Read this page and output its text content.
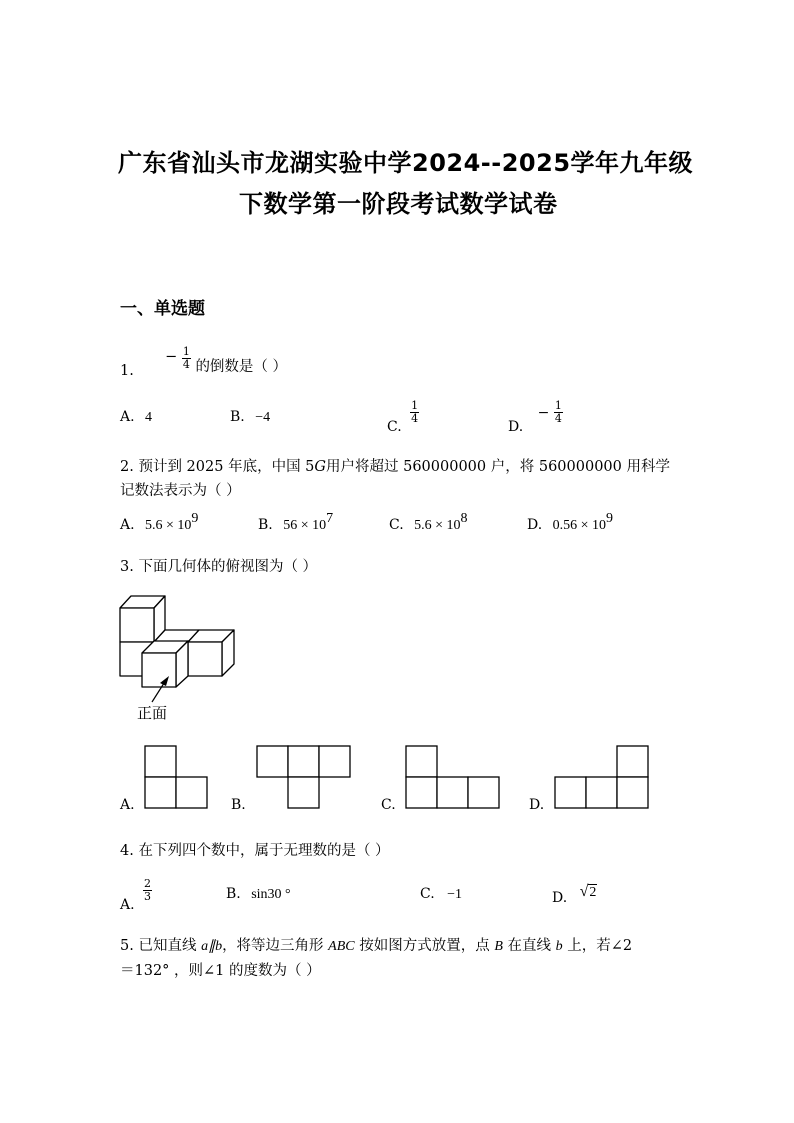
广东省汕头市龙湖实验中学2024--2025学年九年级
下数学第一阶段考试数学试卷
一、单选题
1.  − $\frac{1}{4}$ 的倒数是（ ）
A. 4	B. −4
C.
$\frac{1}{4}$
D. − $\frac{1}{4}$
2. 预计到 2025 年底，中国 5G用户将超过 560000000 户，将 560000000 用科学
记数法表示为（ ）
A. 5.6 × 109	B. 56 × 107	C. 5.6 × 108	D. 0.56 × 109
3. 下面几何体的俯视图为（ ）
正面
A.	B.	C.	D.
4. 在下列四个数中，属于无理数的是（ ）
A.
$\frac{2}{3}$	B. sin30 °	C. −1	D. √2
5. 已知直线 a∥b，将等边三角形 ABC 按如图方式放置，点 B 在直线 b 上，若∠2
＝132° ，则∠1 的度数为（ ）
